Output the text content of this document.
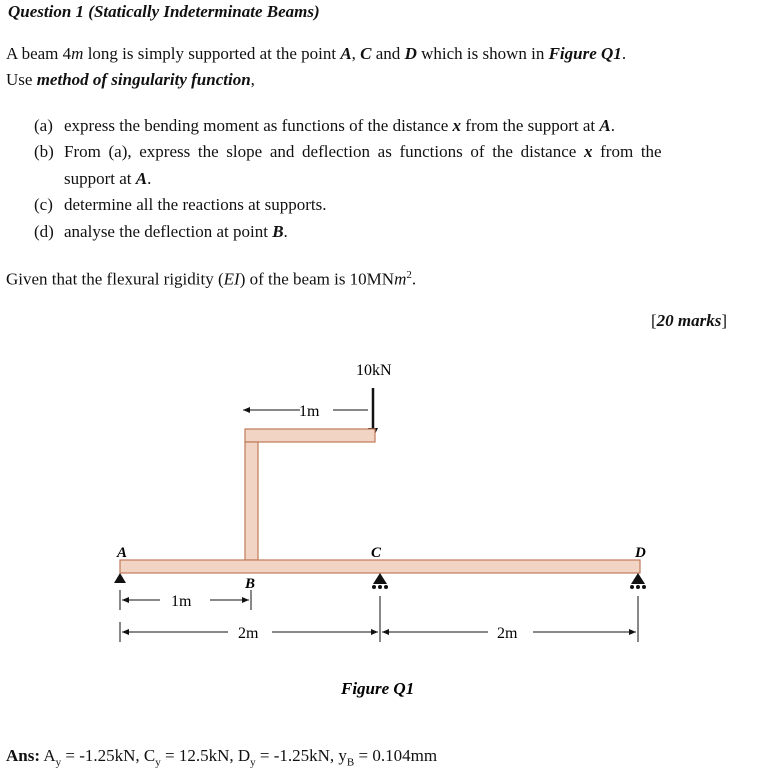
Question 1 (Statically Indeterminate Beams)
A beam 4m long is simply supported at the point A, C and D which is shown in Figure Q1.
Use method of singularity function,
(a) express the bending moment as functions of the distance x from the support at A.
(b) From (a), express the slope and deflection as functions of the distance x from the
support at A.
(c) determine all the reactions at supports.
(d) analyse the deflection at point B.
Given that the flexural rigidity (EI) of the beam is 10MNm$^2$.
[20 marks]
10kN
1m
A
B
C	D
1m
2m	2m
Figure Q1
Ans: $A_y = -1.25kN$, $C_y = 12.5kN$, $D_y = -1.25kN$, $y_B = 0.104mm$
